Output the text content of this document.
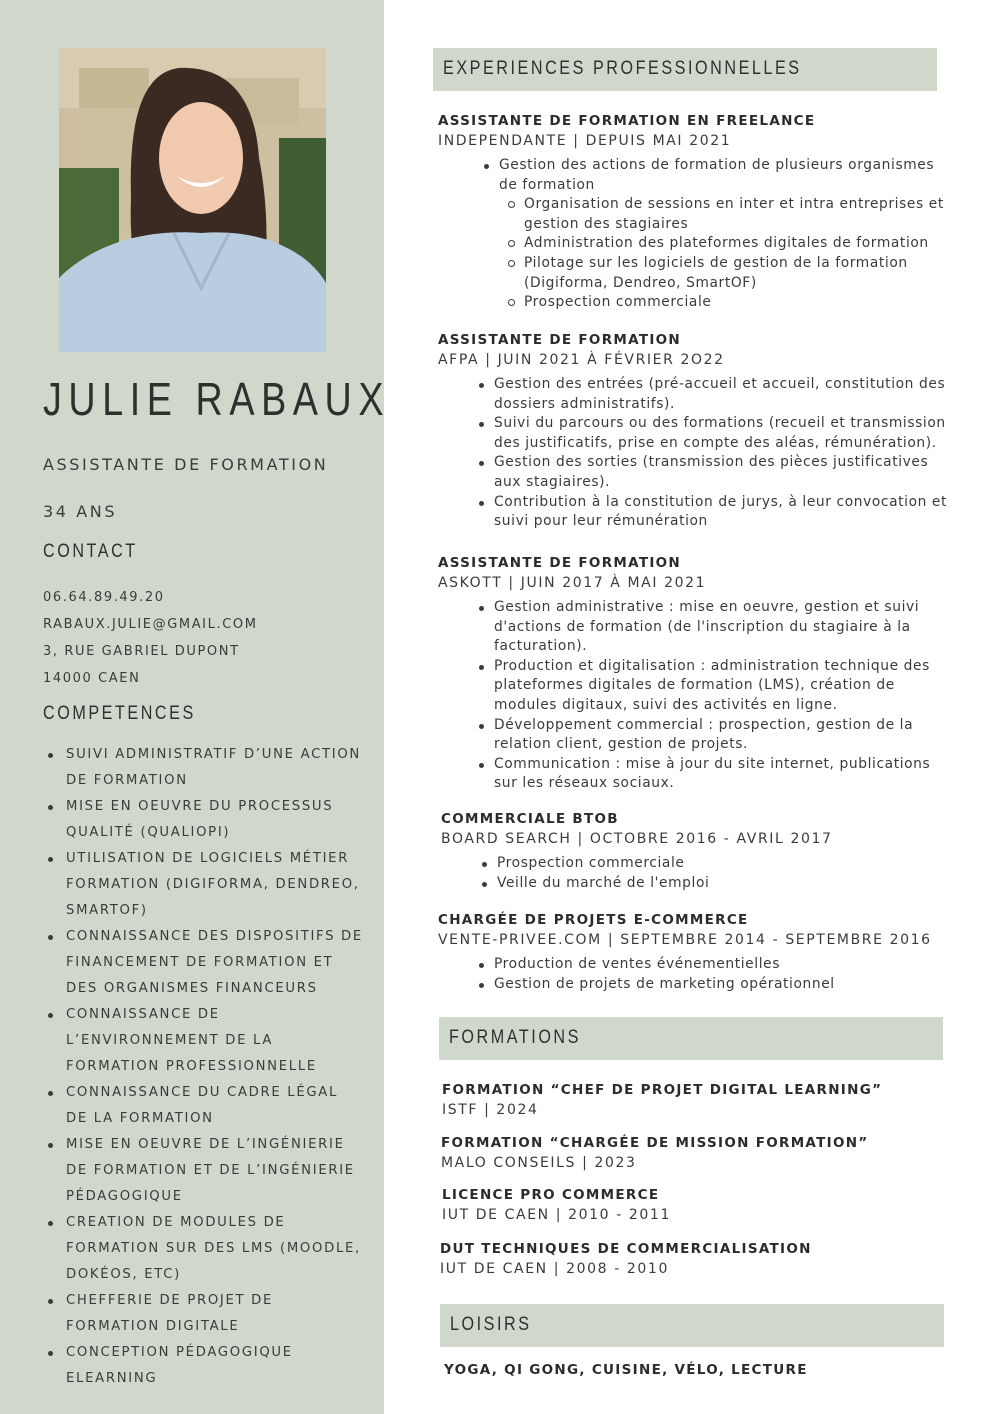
JULIE RABAUX
ASSISTANTE DE FORMATION
34 ANS
CONTACT
06.64.89.49.20
RABAUX.JULIE@GMAIL.COM
3, RUE GABRIEL DUPONT
14000 CAEN
COMPETENCES
SUIVI ADMINISTRATIF D’UNE ACTION DE FORMATION
MISE EN OEUVRE DU PROCESSUS QUALITÉ (QUALIOPI)
UTILISATION DE LOGICIELS MÉTIER FORMATION (DIGIFORMA, DENDREO, SMARTOF)
CONNAISSANCE DES DISPOSITIFS DE FINANCEMENT DE FORMATION ET DES ORGANISMES FINANCEURS
CONNAISSANCE DE L’ENVIRONNEMENT DE LA FORMATION PROFESSIONNELLE
CONNAISSANCE DU CADRE LÉGAL DE LA FORMATION
MISE EN OEUVRE DE L’INGÉNIERIE DE FORMATION ET DE L’INGÉNIERIE PÉDAGOGIQUE
CREATION DE MODULES DE FORMATION SUR DES LMS (MOODLE, DOKÉOS, ETC)
CHEFFERIE DE PROJET DE FORMATION DIGITALE
CONCEPTION PÉDAGOGIQUE ELEARNING
EXPERIENCES PROFESSIONNELLES
ASSISTANTE DE FORMATION EN FREELANCE
INDEPENDANTE | DEPUIS MAI 2021
Gestion des actions de formation de plusieurs organismes de formation
Organisation de sessions en inter et intra entreprises et gestion des stagiaires
Administration des plateformes digitales de formation
Pilotage sur les logiciels de gestion de la formation (Digiforma, Dendreo, SmartOF)
Prospection commerciale
ASSISTANTE DE FORMATION
AFPA | JUIN 2021 À FÉVRIER 2O22
Gestion des entrées (pré-accueil et accueil, constitution des dossiers administratifs).
Suivi du parcours ou des formations (recueil et transmission des justificatifs, prise en compte des aléas, rémunération).
Gestion des sorties (transmission des pièces justificatives aux stagiaires).
Contribution à la constitution de jurys, à leur convocation et suivi pour leur rémunération
ASSISTANTE DE FORMATION
ASKOTT | JUIN 2017 À MAI 2021
Gestion administrative : mise en oeuvre, gestion et suivi d'actions de formation (de l'inscription du stagiaire à la facturation).
Production et digitalisation : administration technique des plateformes digitales de formation (LMS), création de modules digitaux, suivi des activités en ligne.
Développement commercial : prospection, gestion de la relation client, gestion de projets.
Communication : mise à jour du site internet, publications sur les réseaux sociaux.
COMMERCIALE BTOB
BOARD SEARCH | OCTOBRE 2016 - AVRIL 2017
Prospection commerciale
Veille du marché de l'emploi
CHARGÉE DE PROJETS E-COMMERCE
VENTE-PRIVEE.COM | SEPTEMBRE 2014 - SEPTEMBRE 2016
Production de ventes événementielles
Gestion de projets de marketing opérationnel
FORMATIONS
FORMATION “CHEF DE PROJET DIGITAL LEARNING”
ISTF | 2024
FORMATION “CHARGÉE DE MISSION FORMATION”
MALO CONSEILS | 2023
LICENCE PRO COMMERCE
IUT DE CAEN | 2010 - 2011
DUT TECHNIQUES DE COMMERCIALISATION
IUT DE CAEN | 2008 - 2010
LOISIRS
YOGA, QI GONG, CUISINE, VÉLO, LECTURE
